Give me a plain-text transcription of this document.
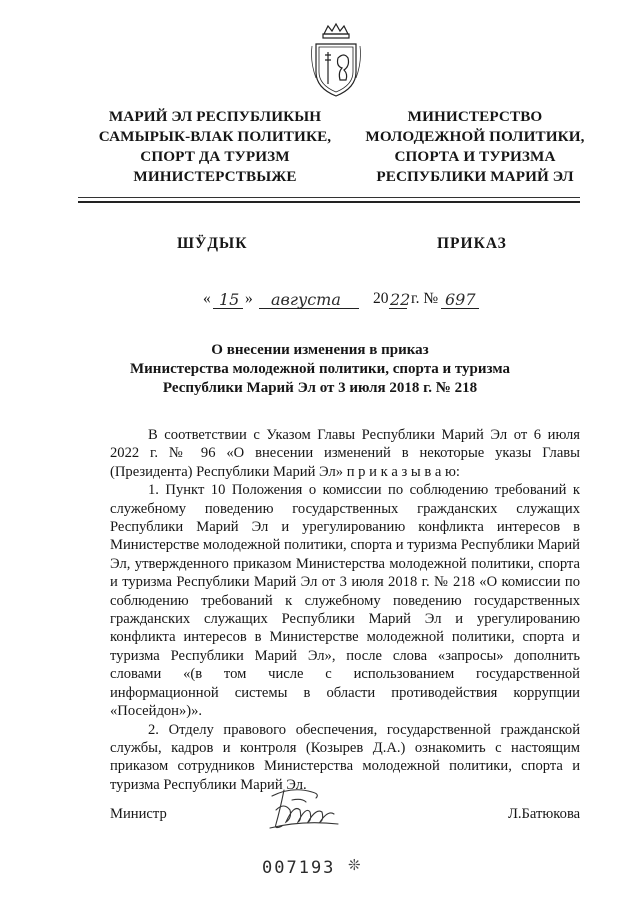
МАРИЙ ЭЛ РЕСПУБЛИКЫН
САМЫРЫК-ВЛАК ПОЛИТИКЕ,
СПОРТ ДА ТУРИЗМ
МИНИСТЕРСТВЫЖЕ
МИНИСТЕРСТВО
МОЛОДЕЖНОЙ ПОЛИТИКИ,
СПОРТА И ТУРИЗМА
РЕСПУБЛИКИ МАРИЙ ЭЛ
ШӰДЫК	ПРИКАЗ
« 15 » августа 20 22 г. № 697
О внесении изменения в приказ
Министерства молодежной политики, спорта и туризма
Республики Марий Эл от 3 июля 2018 г. № 218

В соответствии с Указом Главы Республики Марий Эл от 6 июля 2022 г. № 96 «О внесении изменений в некоторые указы Главы (Президента) Республики Марий Эл» п р и к а з ы в а ю:

1. Пункт 10 Положения о комиссии по соблюдению требований к служебному поведению государственных гражданских служащих Республики Марий Эл и урегулированию конфликта интересов в Министерстве молодежной политики, спорта и туризма Республики Марий Эл, утвержденного приказом Министерства молодежной политики, спорта и туризма Республики Марий Эл от 3 июля 2018 г. № 218 «О комиссии по соблюдению требований к служебному поведению государственных гражданских служащих Республики Марий Эл и урегулированию конфликта интересов в Министерстве молодежной политики, спорта и туризма Республики Марий Эл», после слова «запросы» дополнить словами «(в том числе с использованием государственной информационной системы в области противодействия коррупции «Посейдон»)».

2. Отделу правового обеспечения, государственной гражданской службы, кадров и контроля (Козырев Д.А.) ознакомить с настоящим приказом сотрудников Министерства молодежной политики, спорта и туризма Республики Марий Эл.

Министр	Л.Батюкова
007193 ❊
